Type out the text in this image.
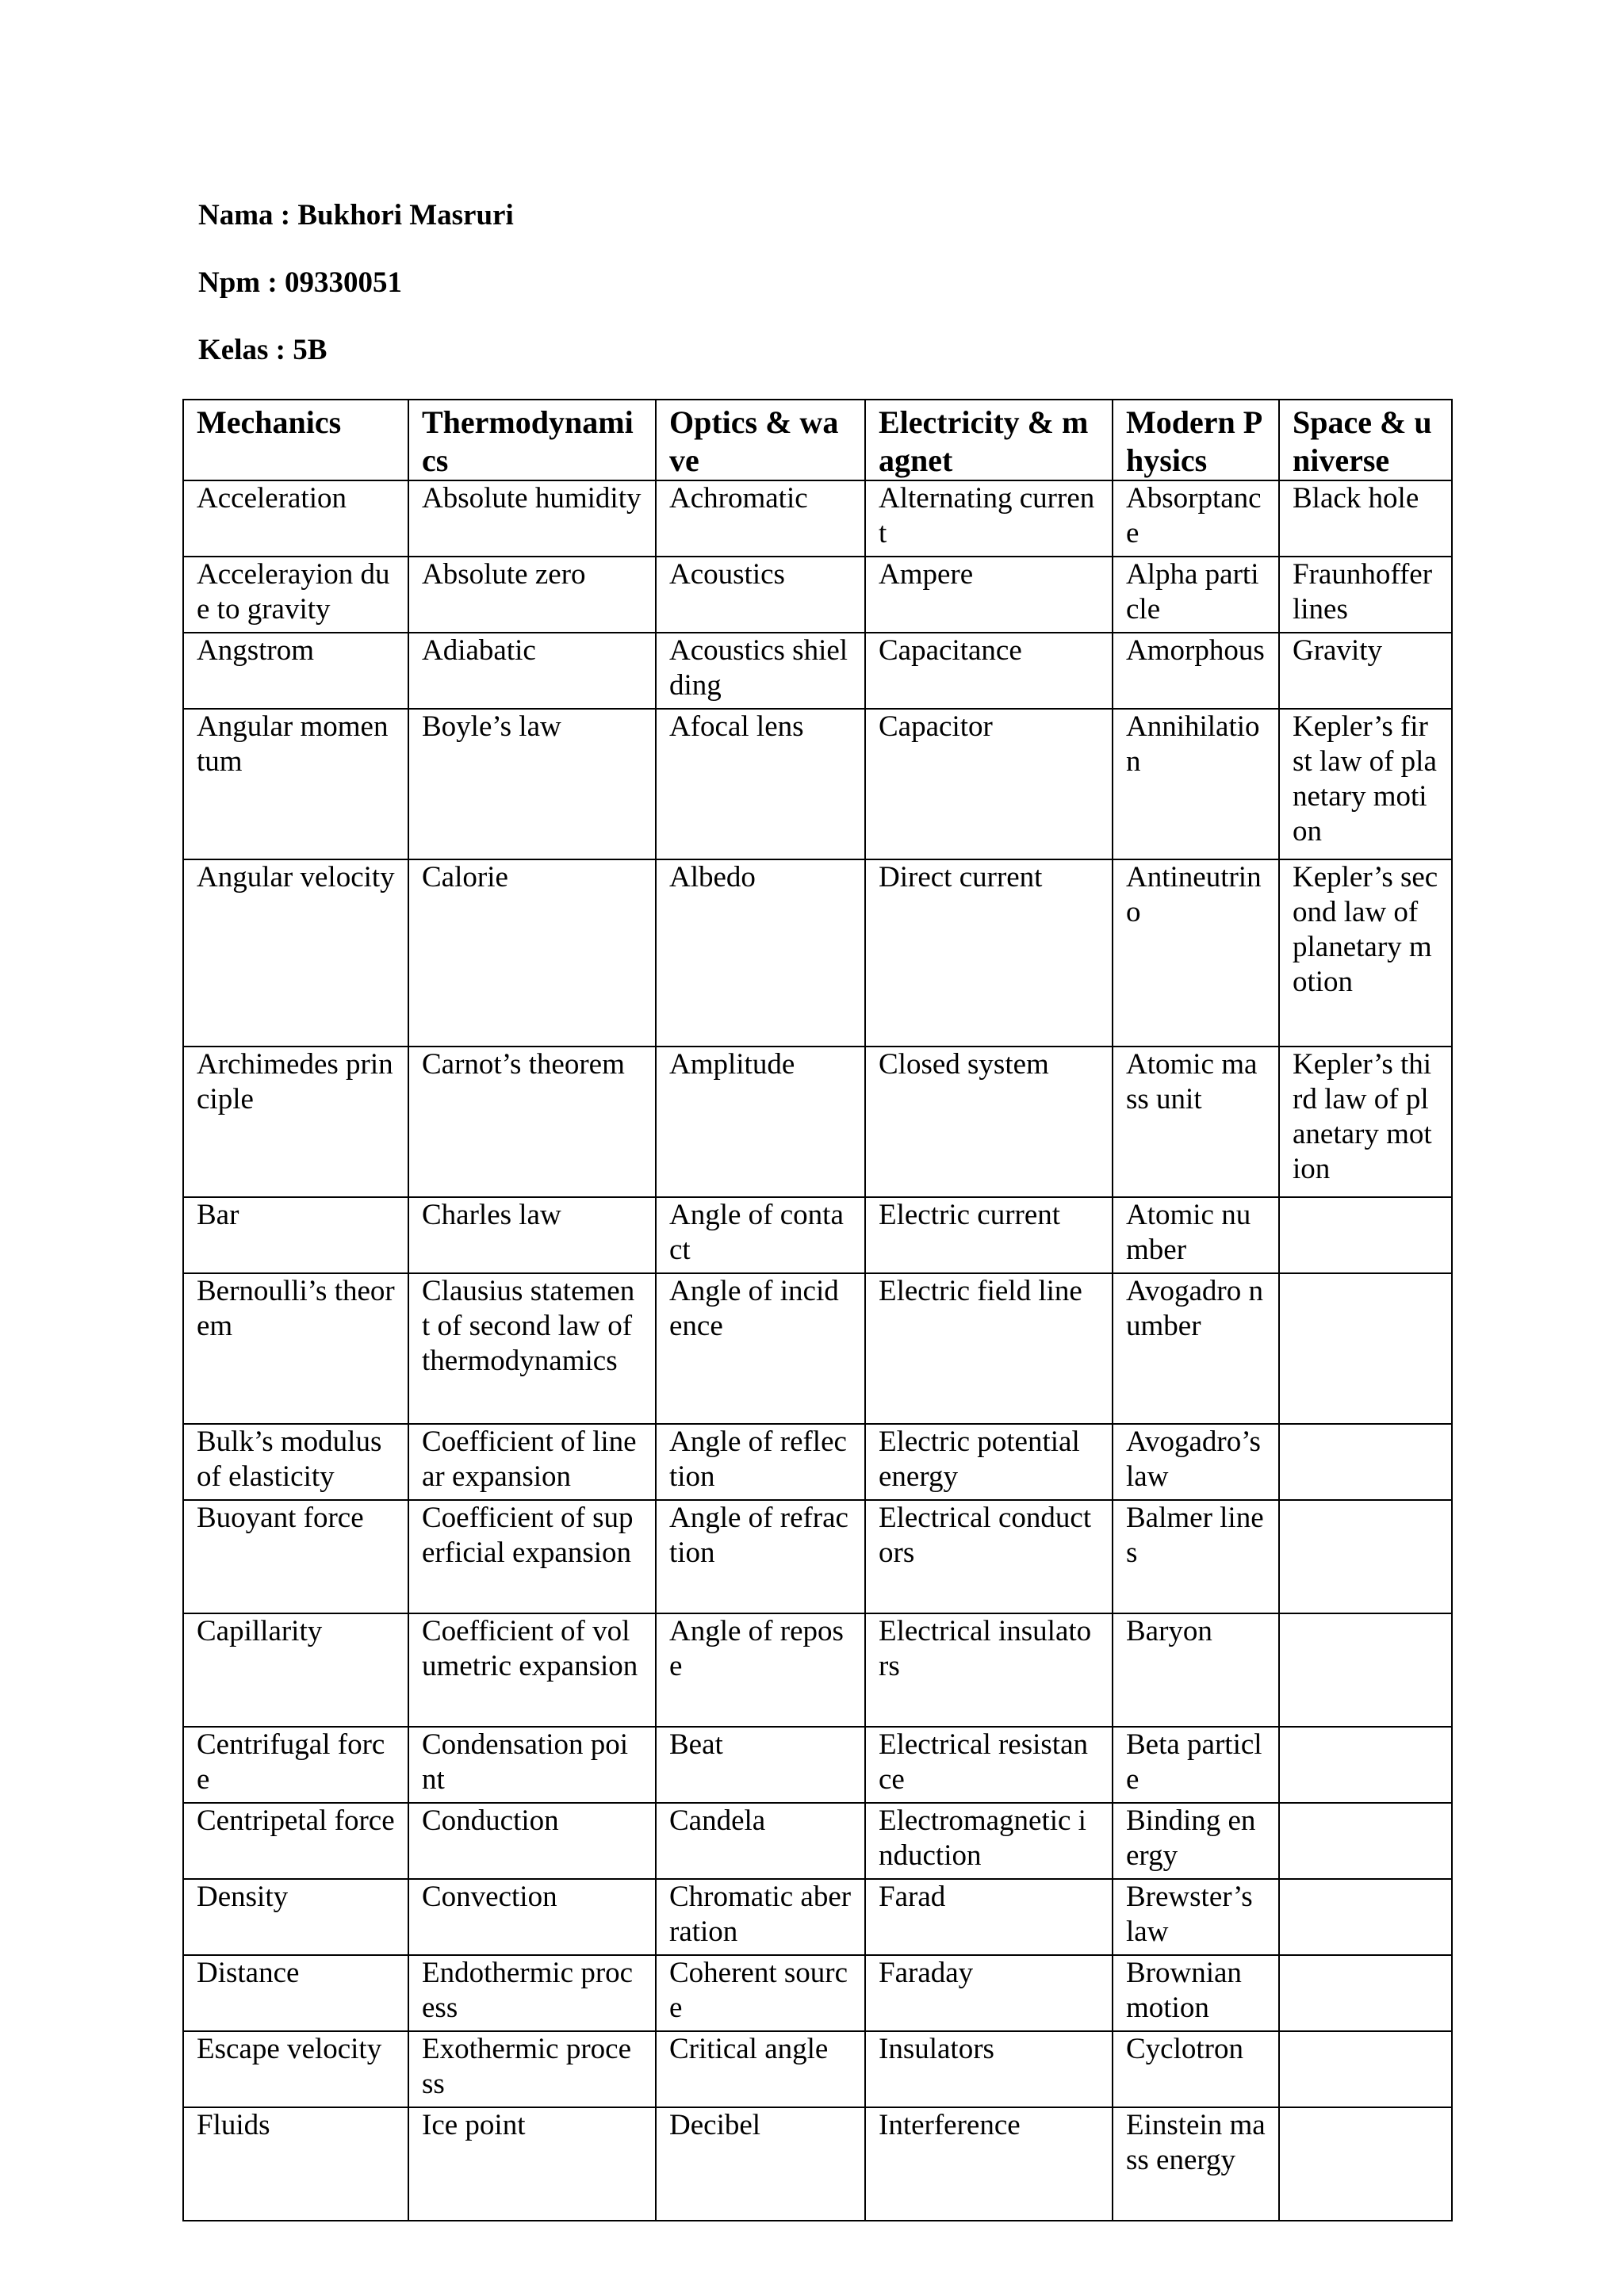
Nama : Bukhori Masruri
Npm : 09330051
Kelas : 5B
Mechanics	Thermodynamics	Optics & wave	Electricity & magnet	Modern Physics	Space & universe
Acceleration	Absolute humidity	Achromatic	Alternating current	Absorptance	Black hole
Accelerayion due to gravity	Absolute zero	Acoustics	Ampere	Alpha particle	Fraunhoffer lines
Angstrom	Adiabatic	Acoustics shielding	Capacitance	Amorphous	Gravity
Angular momentum	Boyle’s law	Afocal lens	Capacitor	Annihilation	Kepler’s first law of planetary motion
Angular velocity	Calorie	Albedo	Direct current	Antineutrino	Kepler’s second law of planetary motion
Archimedes principle	Carnot’s theorem	Amplitude	Closed system	Atomic mass unit	Kepler’s third law of planetary motion
Bar	Charles law	Angle of contact	Electric current	Atomic number	
Bernoulli’s theorem	Clausius statement of second law of thermodynamics	Angle of incidence	Electric field line	Avogadro number	
Bulk’s modulus of elasticity	Coefficient of linear expansion	Angle of reflection	Electric potential energy	Avogadro’s law	
Buoyant force	Coefficient of superficial expansion	Angle of refraction	Electrical conductors	Balmer lines	
Capillarity	Coefficient of volumetric expansion	Angle of repose	Electrical insulators	Baryon	
Centrifugal force	Condensation point	Beat	Electrical resistance	Beta particle	
Centripetal force	Conduction	Candela	Electromagnetic induction	Binding energy	
Density	Convection	Chromatic aberration	Farad	Brewster’s law	
Distance	Endothermic process	Coherent source	Faraday	Brownian motion	
Escape velocity	Exothermic process	Critical angle	Insulators	Cyclotron	
Fluids	Ice point	Decibel	Interference	Einstein mass energy	
